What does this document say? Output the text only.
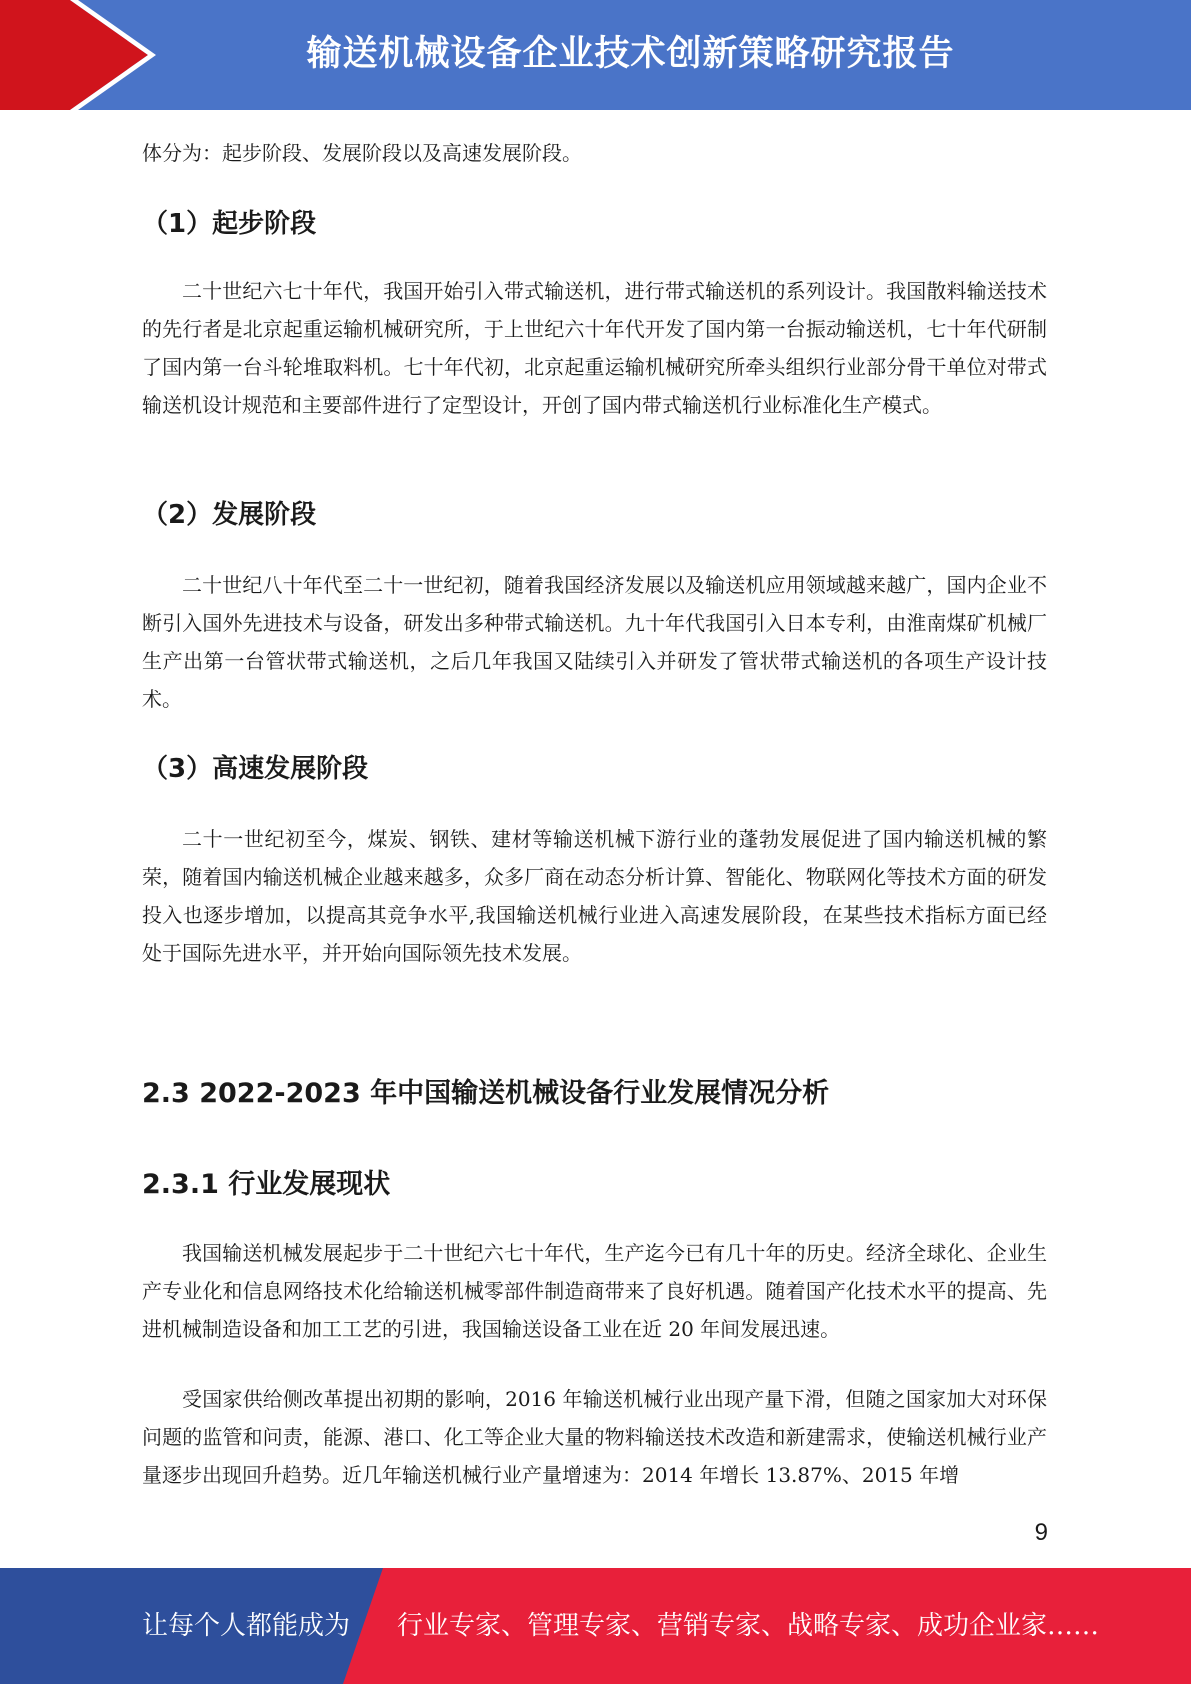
输送机械设备企业技术创新策略研究报告

体分为：起步阶段、发展阶段以及高速发展阶段。

（1）起步阶段

二十世纪六七十年代，我国开始引入带式输送机，进行带式输送机的系列设计。我国散料输送技术的先行者是北京起重运输机械研究所，于上世纪六十年代开发了国内第一台振动输送机，七十年代研制了国内第一台斗轮堆取料机。七十年代初，北京起重运输机械研究所牵头组织行业部分骨干单位对带式输送机设计规范和主要部件进行了定型设计，开创了国内带式输送机行业标准化生产模式。

（2）发展阶段

二十世纪八十年代至二十一世纪初，随着我国经济发展以及输送机应用领域越来越广，国内企业不断引入国外先进技术与设备，研发出多种带式输送机。九十年代我国引入日本专利，由淮南煤矿机械厂生产出第一台管状带式输送机，之后几年我国又陆续引入并研发了管状带式输送机的各项生产设计技术。

（3）高速发展阶段

二十一世纪初至今，煤炭、钢铁、建材等输送机械下游行业的蓬勃发展促进了国内输送机械的繁荣，随着国内输送机械企业越来越多，众多厂商在动态分析计算、智能化、物联网化等技术方面的研发投入也逐步增加，以提高其竞争水平,我国输送机械行业进入高速发展阶段，在某些技术指标方面已经处于国际先进水平，并开始向国际领先技术发展。

2.3 2022-2023 年中国输送机械设备行业发展情况分析
2.3.1 行业发展现状

我国输送机械发展起步于二十世纪六七十年代，生产迄今已有几十年的历史。经济全球化、企业生产专业化和信息网络技术化给输送机械零部件制造商带来了良好机遇。随着国产化技术水平的提高、先进机械制造设备和加工工艺的引进，我国输送设备工业在近 20 年间发展迅速。

受国家供给侧改革提出初期的影响，2016 年输送机械行业出现产量下滑，但随之国家加大对环保问题的监管和问责，能源、港口、化工等企业大量的物料输送技术改造和新建需求，使输送机械行业产量逐步出现回升趋势。近几年输送机械行业产量增速为：2014 年增长 13.87%、2015 年增

9
让每个人都能成为 行业专家、管理专家、营销专家、战略专家、成功企业家……
